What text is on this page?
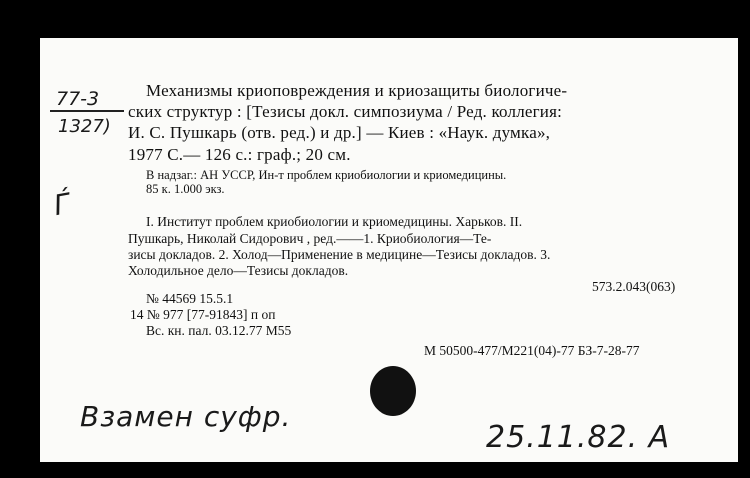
77-3
1327)
Ѓ
Механизмы криоповреждения и криозащиты биологиче-
ских структур : [Тезисы докл. симпозиума / Ред. коллегия:
И. С. Пушкарь (отв. ред.) и др.] — Киев : «Наук. думка»,
1977 С.— 126 с.: граф.; 20 см.
В надзаг.: АН УССР, Ин-т проблем криобиологии и криомедицины.
85 к. 1.000 экз.
I. Институт проблем криобиологии и криомедицины. Харьков. II.
Пушкарь, Николай Сидорович , ред.——1. Криобиология—Те-
зисы докладов. 2. Холод—Применение в медицине—Тезисы докладов. 3.
Холодильное дело—Тезисы докладов.
573.2.043(063)
№ 44569 15.5.1
14 № 977 [77-91843] п оп
Вс. кн. пал. 03.12.77 М55
М 50500-477/М221(04)-77 БЗ-7-28-77
Взамен суфр.
25.11.82. А
